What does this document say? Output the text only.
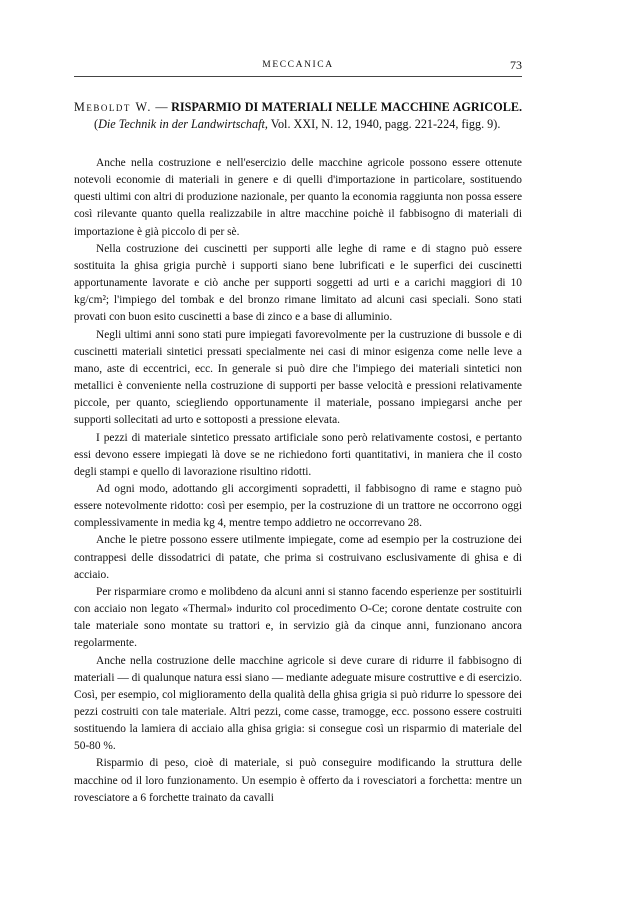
MECCANICA	73
Meboldt W. — RISPARMIO DI MATERIALI NELLE MACCHINE AGRICOLE. (Die Technik in der Landwirtschaft, Vol. XXI, N. 12, 1940, pagg. 221-224, figg. 9).

Anche nella costruzione e nell'esercizio delle macchine agricole possono essere ottenute notevoli economie di materiali in genere e di quelli d'importazione in particolare, sostituendo questi ultimi con altri di produzione nazionale, per quanto la economia raggiunta non possa essere così rilevante quanto quella realizzabile in altre macchine poichè il fabbisogno di materiali di importazione è già piccolo di per sè.

Nella costruzione dei cuscinetti per supporti alle leghe di rame e di stagno può essere sostituita la ghisa grigia purchè i supporti siano bene lubrificati e le superfici dei cuscinetti apportunamente lavorate e ciò anche per supporti soggetti ad urti e a carichi maggiori di 10 kg/cm²; l'impiego del tombak e del bronzo rimane limitato ad alcuni casi speciali. Sono stati provati con buon esito cuscinetti a base di zinco e a base di alluminio.

Negli ultimi anni sono stati pure impiegati favorevolmente per la custruzione di bussole e di cuscinetti materiali sintetici pressati specialmente nei casi di minor esigenza come nelle leve a mano, aste di eccentrici, ecc. In generale si può dire che l'impiego dei materiali sintetici non metallici è conveniente nella costruzione di supporti per basse velocità e pressioni relativamente piccole, per quanto, sciegliendo opportunamente il materiale, possano impiegarsi anche per supporti sollecitati ad urto e sottoposti a pressione elevata.

I pezzi di materiale sintetico pressato artificiale sono però relativamente costosi, e pertanto essi devono essere impiegati là dove se ne richiedono forti quantitativi, in maniera che il costo degli stampi e quello di lavorazione risultino ridotti.

Ad ogni modo, adottando gli accorgimenti sopradetti, il fabbisogno di rame e stagno può essere notevolmente ridotto: così per esempio, per la costruzione di un trattore ne occorrono oggi complessivamente in media kg 4, mentre tempo addietro ne occorrevano 28.

Anche le pietre possono essere utilmente impiegate, come ad esempio per la costruzione dei contrappesi delle dissodatrici di patate, che prima si costruivano esclusivamente di ghisa e di acciaio.

Per risparmiare cromo e molibdeno da alcuni anni si stanno facendo esperienze per sostituirli con acciaio non legato «Thermal» indurito col procedimento O-Ce; corone dentate costruite con tale materiale sono montate su trattori e, in servizio già da cinque anni, funzionano ancora regolarmente.

Anche nella costruzione delle macchine agricole si deve curare di ridurre il fabbisogno di materiali — di qualunque natura essi siano — mediante adeguate misure costruttive e di esercizio. Così, per esempio, col miglioramento della qualità della ghisa grigia si può ridurre lo spessore dei pezzi costruiti con tale materiale. Altri pezzi, come casse, tramogge, ecc. possono essere costruiti sostituendo la lamiera di acciaio alla ghisa grigia: si consegue così un risparmio di materiale del 50-80 %.

Risparmio di peso, cioè di materiale, si può conseguire modificando la struttura delle macchine od il loro funzionamento. Un esempio è offerto da i rovesciatori a forchetta: mentre un rovesciatore a 6 forchette trainato da cavalli
